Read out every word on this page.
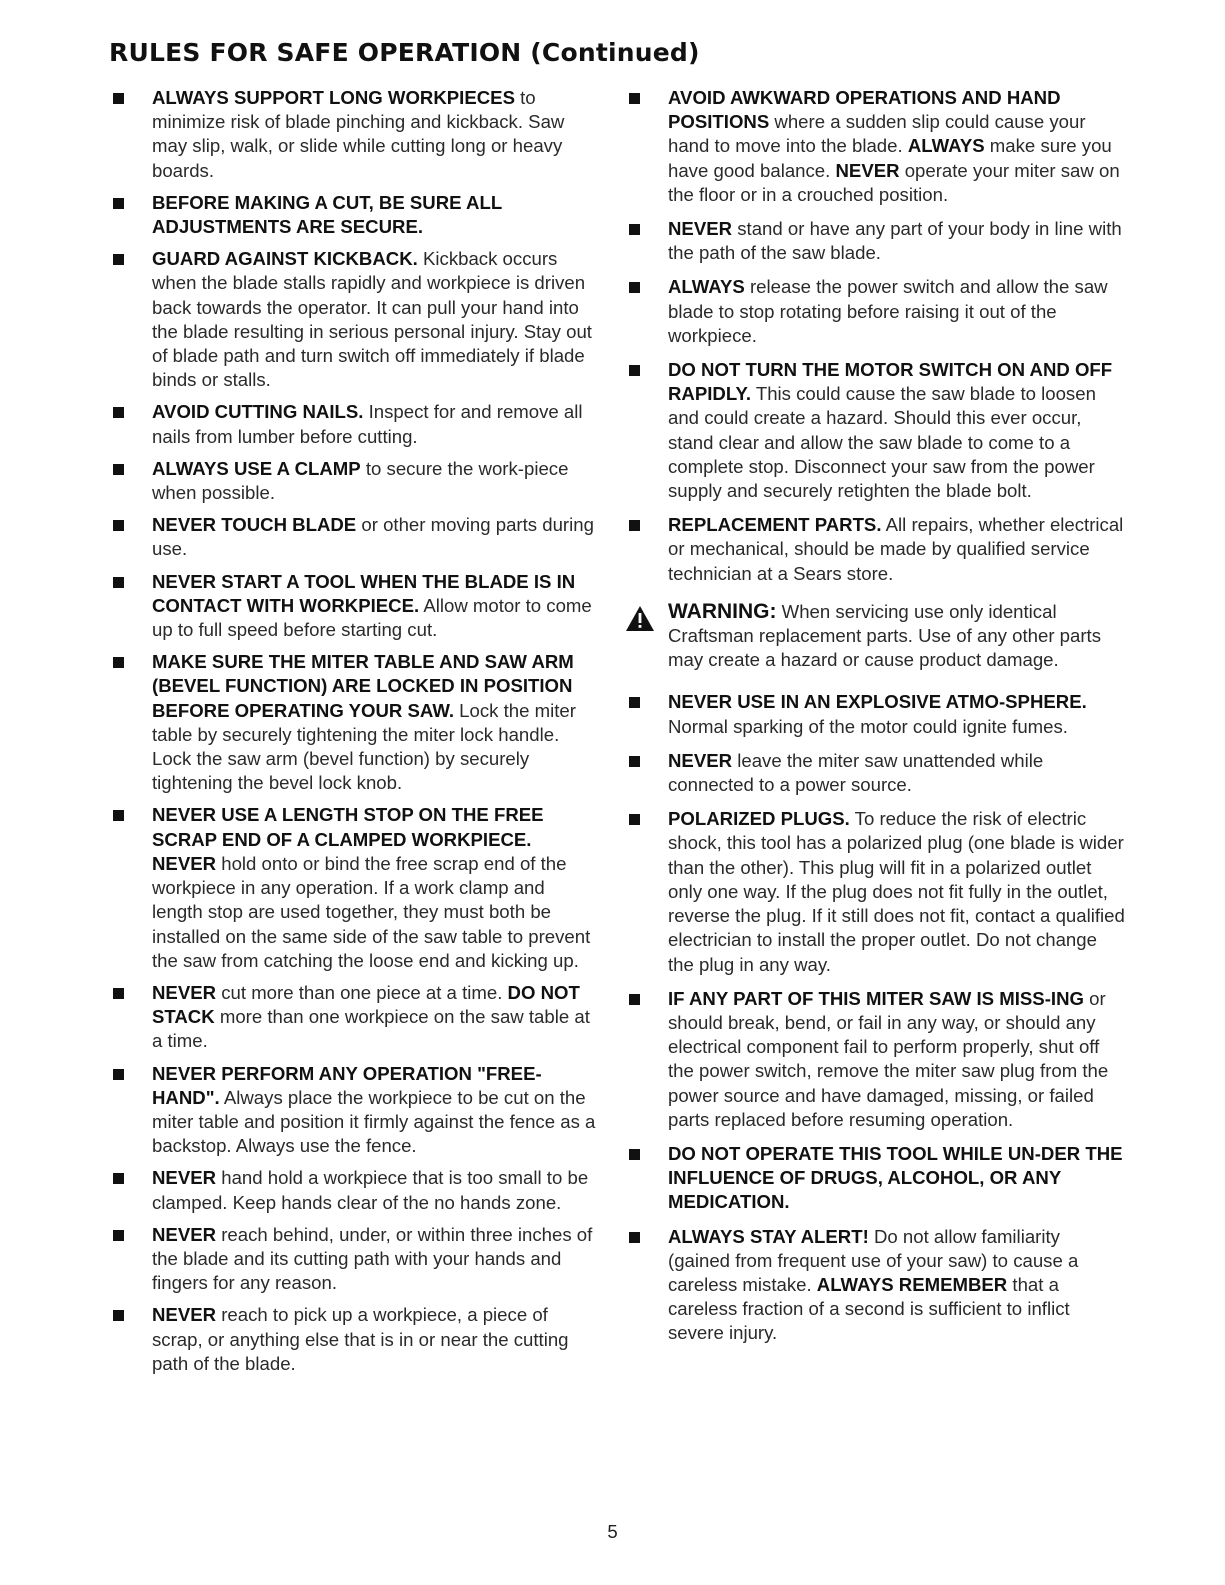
RULES FOR SAFE OPERATION (Continued)
ALWAYS SUPPORT LONG WORKPIECES to minimize risk of blade pinching and kickback. Saw may slip, walk, or slide while cutting long or heavy boards.
BEFORE MAKING A CUT, BE SURE ALL ADJUSTMENTS ARE SECURE.
GUARD AGAINST KICKBACK. Kickback occurs when the blade stalls rapidly and workpiece is driven back towards the operator. It can pull your hand into the blade resulting in serious personal injury. Stay out of blade path and turn switch off immediately if blade binds or stalls.
AVOID CUTTING NAILS. Inspect for and remove all nails from lumber before cutting.
ALWAYS USE A CLAMP to secure the work-piece when possible.
NEVER TOUCH BLADE or other moving parts during use.
NEVER START A TOOL WHEN THE BLADE IS IN CONTACT WITH WORKPIECE. Allow motor to come up to full speed before starting cut.
MAKE SURE THE MITER TABLE AND SAW ARM (BEVEL FUNCTION) ARE LOCKED IN POSITION BEFORE OPERATING YOUR SAW. Lock the miter table by securely tightening the miter lock handle. Lock the saw arm (bevel function) by securely tightening the bevel lock knob.
NEVER USE A LENGTH STOP ON THE FREE SCRAP END OF A CLAMPED WORKPIECE.
NEVER hold onto or bind the free scrap end of the workpiece in any operation. If a work clamp and length stop are used together, they must both be installed on the same side of the saw table to prevent the saw from catching the loose end and kicking up.
NEVER cut more than one piece at a time. DO NOT STACK more than one workpiece on the saw table at a time.
NEVER PERFORM ANY OPERATION "FREE-HAND". Always place the workpiece to be cut on the miter table and position it firmly against the fence as a backstop. Always use the fence.
NEVER hand hold a workpiece that is too small to be clamped. Keep hands clear of the no hands zone.
NEVER reach behind, under, or within three inches of the blade and its cutting path with your hands and fingers for any reason.
NEVER reach to pick up a workpiece, a piece of scrap, or anything else that is in or near the cutting path of the blade.
AVOID AWKWARD OPERATIONS AND HAND POSITIONS where a sudden slip could cause your hand to move into the blade. ALWAYS make sure you have good balance. NEVER operate your miter saw on the floor or in a crouched position.
NEVER stand or have any part of your body in line with the path of the saw blade.
ALWAYS release the power switch and allow the saw blade to stop rotating before raising it out of the workpiece.
DO NOT TURN THE MOTOR SWITCH ON AND OFF RAPIDLY. This could cause the saw blade to loosen and could create a hazard. Should this ever occur, stand clear and allow the saw blade to come to a complete stop. Disconnect your saw from the power supply and securely retighten the blade bolt.
REPLACEMENT PARTS. All repairs, whether electrical or mechanical, should be made by qualified service technician at a Sears store.
WARNING: When servicing use only identical Craftsman replacement parts. Use of any other parts may create a hazard or cause product damage.
NEVER USE IN AN EXPLOSIVE ATMO-SPHERE. Normal sparking of the motor could ignite fumes.
NEVER leave the miter saw unattended while connected to a power source.
POLARIZED PLUGS. To reduce the risk of electric shock, this tool has a polarized plug (one blade is wider than the other). This plug will fit in a polarized outlet only one way. If the plug does not fit fully in the outlet, reverse the plug. If it still does not fit, contact a qualified electrician to install the proper outlet. Do not change the plug in any way.
IF ANY PART OF THIS MITER SAW IS MISS-ING or should break, bend, or fail in any way, or should any electrical component fail to perform properly, shut off the power switch, remove the miter saw plug from the power source and have damaged, missing, or failed parts replaced before resuming operation.
DO NOT OPERATE THIS TOOL WHILE UN-DER THE INFLUENCE OF DRUGS, ALCOHOL, OR ANY MEDICATION.
ALWAYS STAY ALERT! Do not allow familiarity (gained from frequent use of your saw) to cause a careless mistake. ALWAYS REMEMBER that a careless fraction of a second is sufficient to inflict severe injury.
5
